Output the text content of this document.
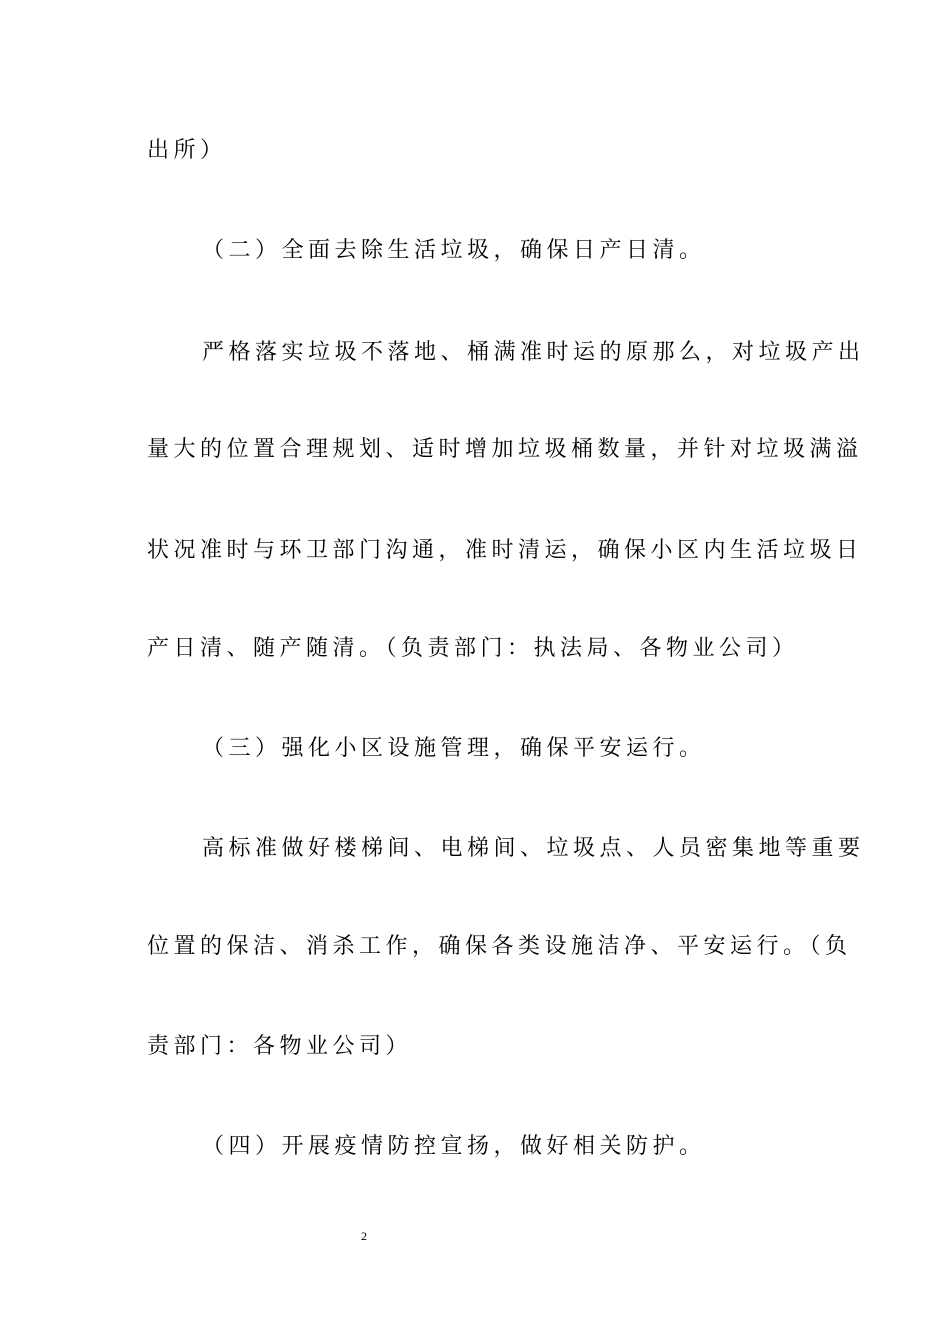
出所）
（二）全面去除生活垃圾，确保日产日清。
严格落实垃圾不落地、桶满准时运的原那么，对垃圾产出
量大的位置合理规划、适时增加垃圾桶数量，并针对垃圾满溢
状况准时与环卫部门沟通，准时清运，确保小区内生活垃圾日
产日清、随产随清。（负责部门：执法局、各物业公司）
（三）强化小区设施管理，确保平安运行。
高标准做好楼梯间、电梯间、垃圾点、人员密集地等重要
位置的保洁、消杀工作，确保各类设施洁净、平安运行。（负
责部门：各物业公司）
（四）开展疫情防控宣扬，做好相关防护。
2
